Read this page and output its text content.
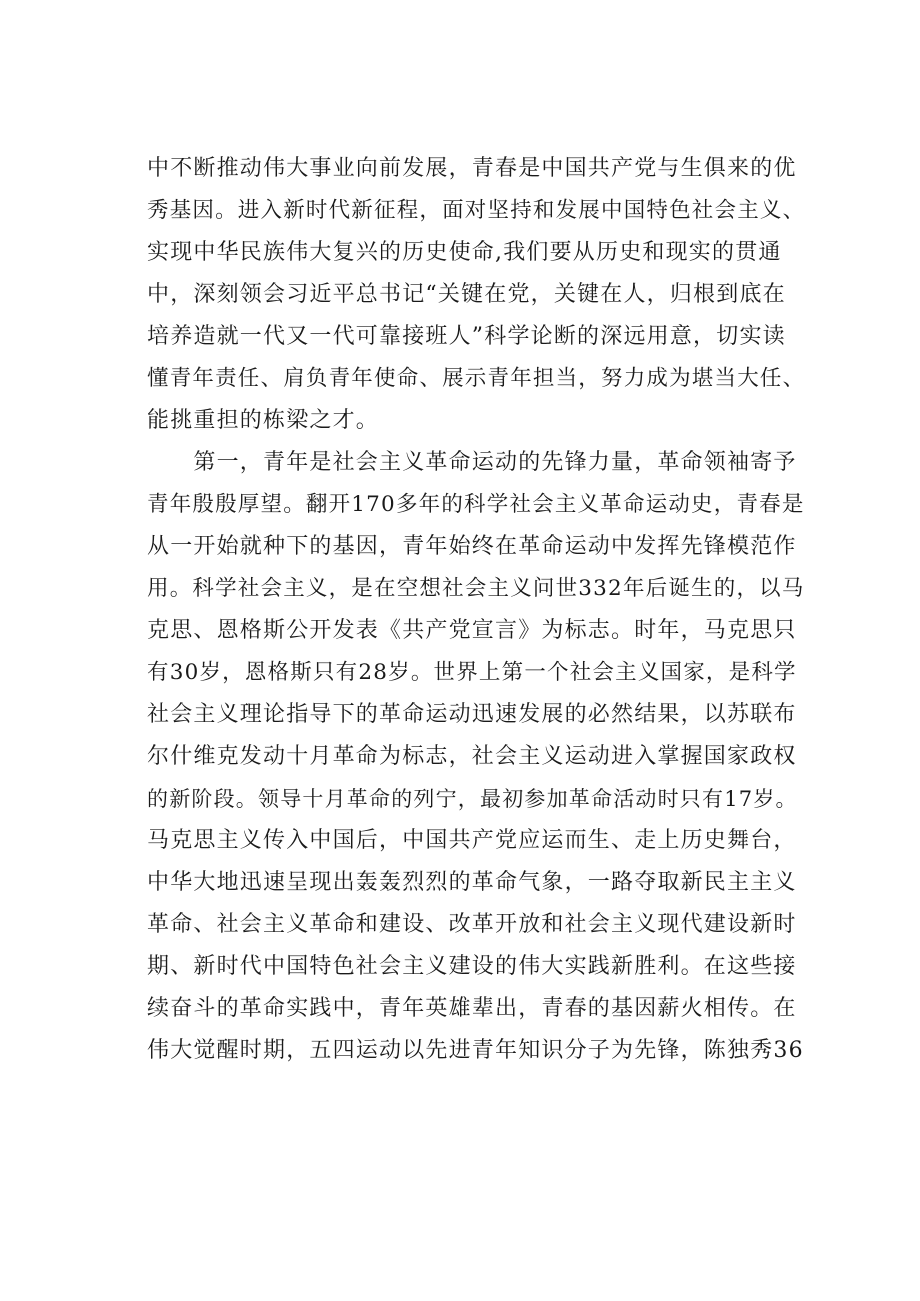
中不断推动伟大事业向前发展，青春是中国共产党与生俱来的优
秀基因。进入新时代新征程，面对坚持和发展中国特色社会主义、
实现中华民族伟大复兴的历史使命,我们要从历史和现实的贯通
中，深刻领会习近平总书记“关键在党，关键在人，归根到底在
培养造就一代又一代可靠接班人”科学论断的深远用意，切实读
懂青年责任、肩负青年使命、展示青年担当，努力成为堪当大任、
能挑重担的栋梁之才。
　　第一，青年是社会主义革命运动的先锋力量，革命领袖寄予
青年殷殷厚望。翻开170多年的科学社会主义革命运动史，青春是
从一开始就种下的基因，青年始终在革命运动中发挥先锋模范作
用。科学社会主义，是在空想社会主义问世332年后诞生的，以马
克思、恩格斯公开发表《共产党宣言》为标志。时年，马克思只
有30岁，恩格斯只有28岁。世界上第一个社会主义国家，是科学
社会主义理论指导下的革命运动迅速发展的必然结果，以苏联布
尔什维克发动十月革命为标志，社会主义运动进入掌握国家政权
的新阶段。领导十月革命的列宁，最初参加革命活动时只有17岁。
马克思主义传入中国后，中国共产党应运而生、走上历史舞台，
中华大地迅速呈现出轰轰烈烈的革命气象，一路夺取新民主主义
革命、社会主义革命和建设、改革开放和社会主义现代建设新时
期、新时代中国特色社会主义建设的伟大实践新胜利。在这些接
续奋斗的革命实践中，青年英雄辈出，青春的基因薪火相传。在
伟大觉醒时期，五四运动以先进青年知识分子为先锋，陈独秀36
